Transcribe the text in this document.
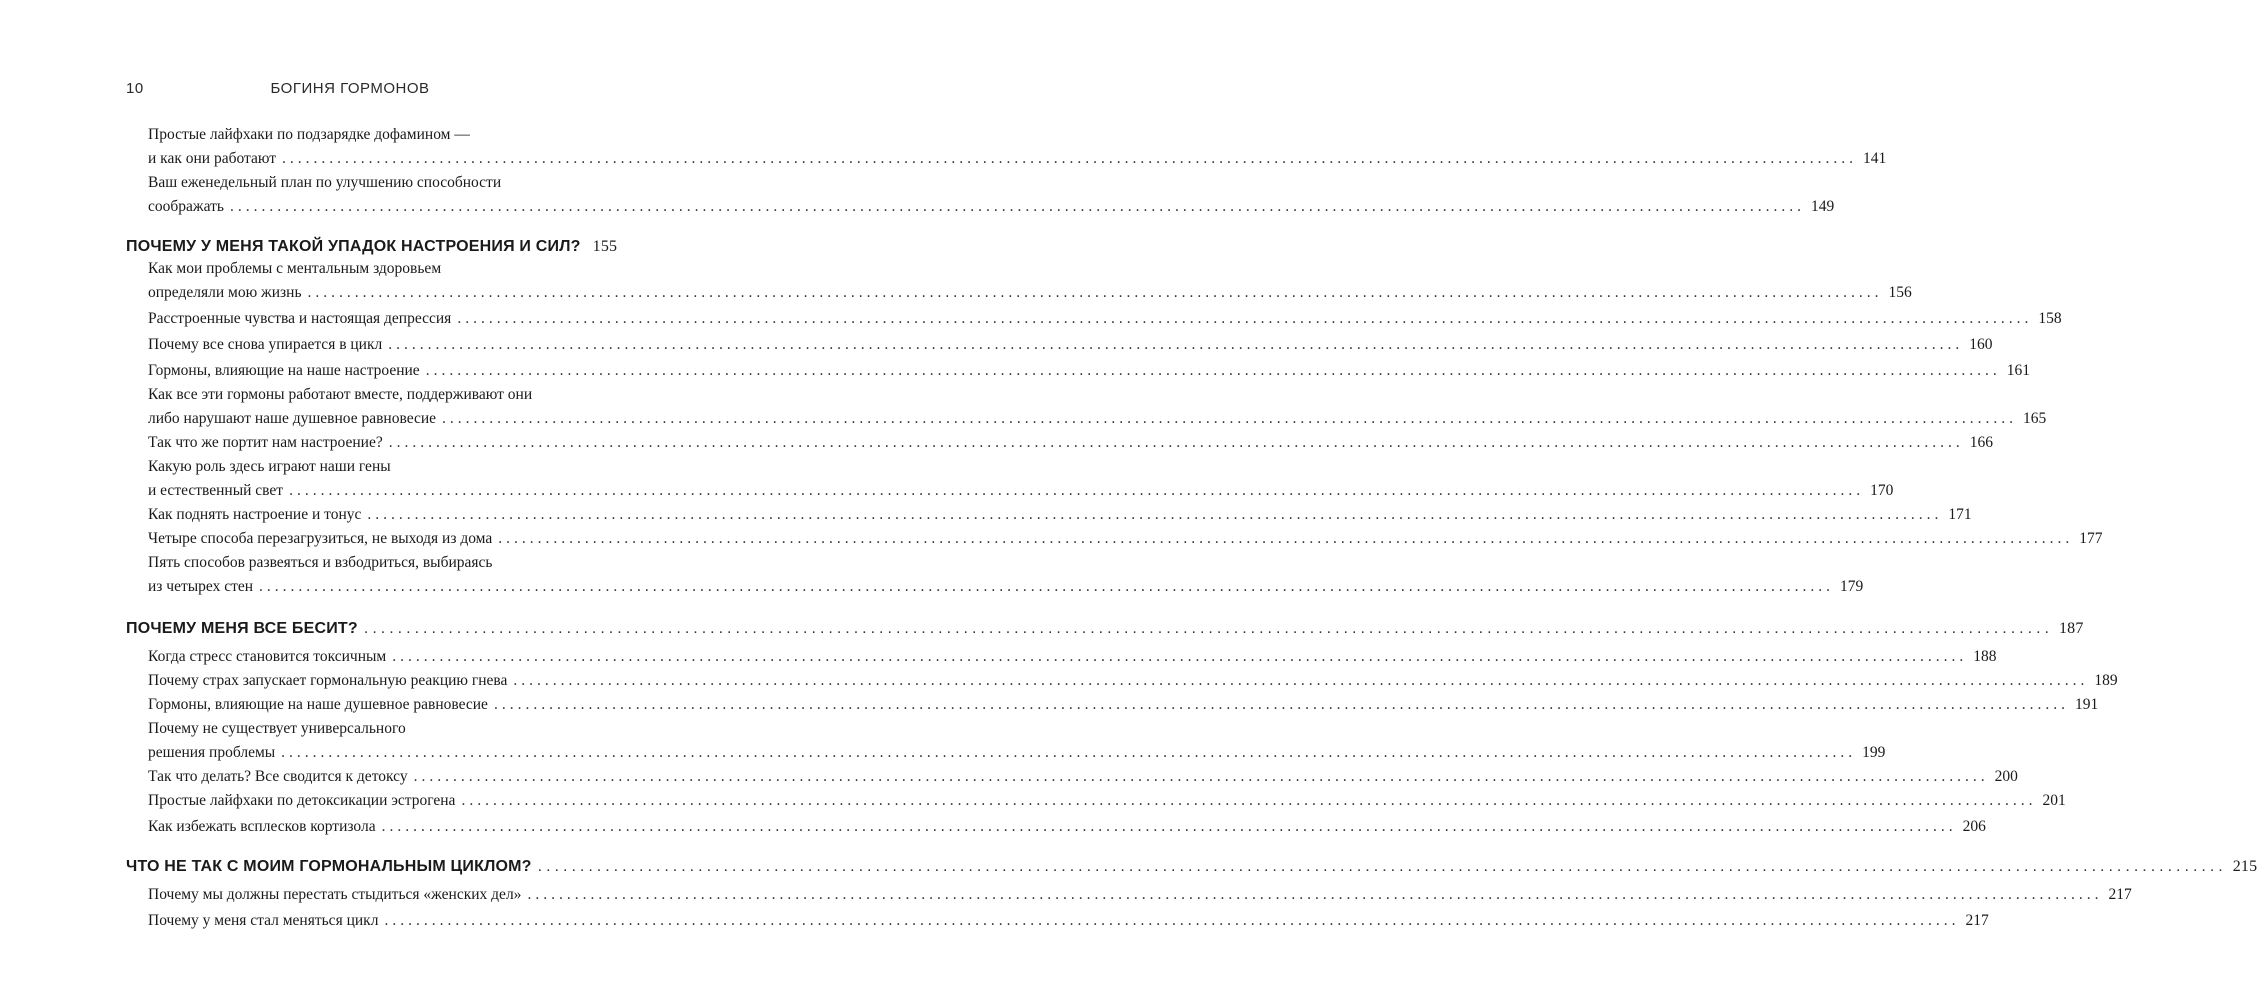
10	БОГИНЯ ГОРМОНОВ
Простые лайфхаки по подзарядке дофамином —
и как они работают ........................................................................................................................................................................................................ 141
Ваш еженедельный план по улучшению способности
соображать ........................................................................................................................................................................................................ 149
ПОЧЕМУ У МЕНЯ ТАКОЙ УПАДОК НАСТРОЕНИЯ И СИЛ? 155
Как мои проблемы с ментальным здоровьем
определяли мою жизнь ........................................................................................................................................................................................................ 156
Расстроенные чувства и настоящая депрессия ........................................................................................................................................................................................................ 158
Почему все снова упирается в цикл ........................................................................................................................................................................................................ 160
Гормоны, влияющие на наше настроение ........................................................................................................................................................................................................ 161
Как все эти гормоны работают вместе, поддерживают они
либо нарушают наше душевное равновесие ........................................................................................................................................................................................................ 165
Так что же портит нам настроение? ........................................................................................................................................................................................................ 166
Какую роль здесь играют наши гены
и естественный свет ........................................................................................................................................................................................................ 170
Как поднять настроение и тонус ........................................................................................................................................................................................................ 171
Четыре способа перезагрузиться, не выходя из дома ........................................................................................................................................................................................................ 177
Пять способов развеяться и взбодриться, выбираясь
из четырех стен ........................................................................................................................................................................................................ 179
ПОЧЕМУ МЕНЯ ВСЕ БЕСИТ? ........................................................................................................................................................................................................ 187
Когда стресс становится токсичным ........................................................................................................................................................................................................ 188
Почему страх запускает гормональную реакцию гнева ........................................................................................................................................................................................................ 189
Гормоны, влияющие на наше душевное равновесие ........................................................................................................................................................................................................ 191
Почему не существует универсального
решения проблемы ........................................................................................................................................................................................................ 199
Так что делать? Все сводится к детоксу ........................................................................................................................................................................................................ 200
Простые лайфхаки по детоксикации эстрогена ........................................................................................................................................................................................................ 201
Как избежать всплесков кортизола ........................................................................................................................................................................................................ 206
ЧТО НЕ ТАК С МОИМ ГОРМОНАЛЬНЫМ ЦИКЛОМ? ........................................................................................................................................................................................................ 215
Почему мы должны перестать стыдиться «женских дел» ........................................................................................................................................................................................................ 217
Почему у меня стал меняться цикл ........................................................................................................................................................................................................ 217
